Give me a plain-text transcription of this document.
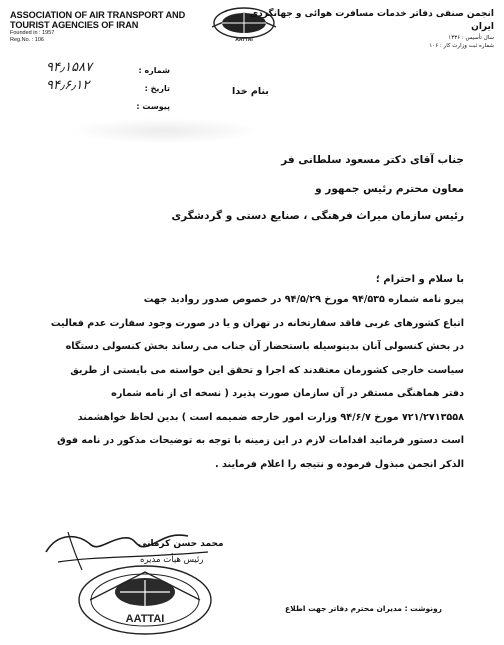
ASSOCIATION OF AIR TRANSPORT AND
TOURIST AGENCIES OF IRAN
Founded in : 1957
Reg.No. : 106	AATTAI
انجمن صنفی دفاتر خدمات مسافرت هوائی و جهانگردی ایران
سال تأسیس : ۱۳۳۶
شماره ثبت وزارت کار : ۱۰۶
شماره :
۹۴٫۱۵۸۷
تاریخ :
۹۴٫۶٫۱۲
پیوست :
بنام خدا
جناب آقای دکتر مسعود سلطانی فر
معاون محترم رئیس جمهور و
رئیس سازمان میراث فرهنگی ، صنایع دستی و گردشگری
با سلام و احترام ؛

پیرو نامه شماره ۹۴/۵۳۵ مورخ ۹۴/۵/۲۹ در خصوص صدور روادید جهت

اتباع کشورهای غربی فاقد سفارتخانه در تهران و یا در صورت وجود سفارت عدم فعالیت

در بخش کنسولی آنان بدینوسیله باستحضار آن جناب می رساند بخش کنسولی دستگاه

سیاست خارجی کشورمان معتقدند که اجرا و تحقق این خواسته می بایستی از طریق

دفتر هماهنگی مستقر در آن سازمان صورت پذیرد ( نسخه ای از نامه شماره

۷۲۱/۲۷۱۳۵۵۸ مورخ ۹۴/۶/۷ وزارت امور خارجه ضمیمه است ) بدین لحاظ خواهشمند

است دستور فرمائید اقدامات لازم در این زمینه با توجه به توضیحات مذکور در نامه فوق

الذکر انجمن مبذول فرموده و نتیجه را اعلام فرمایند .

محمد حسن کرمانی
رئیس هیأت مدیره
AATTAI
رونوشت : مدیران محترم دفاتر جهت اطلاع
